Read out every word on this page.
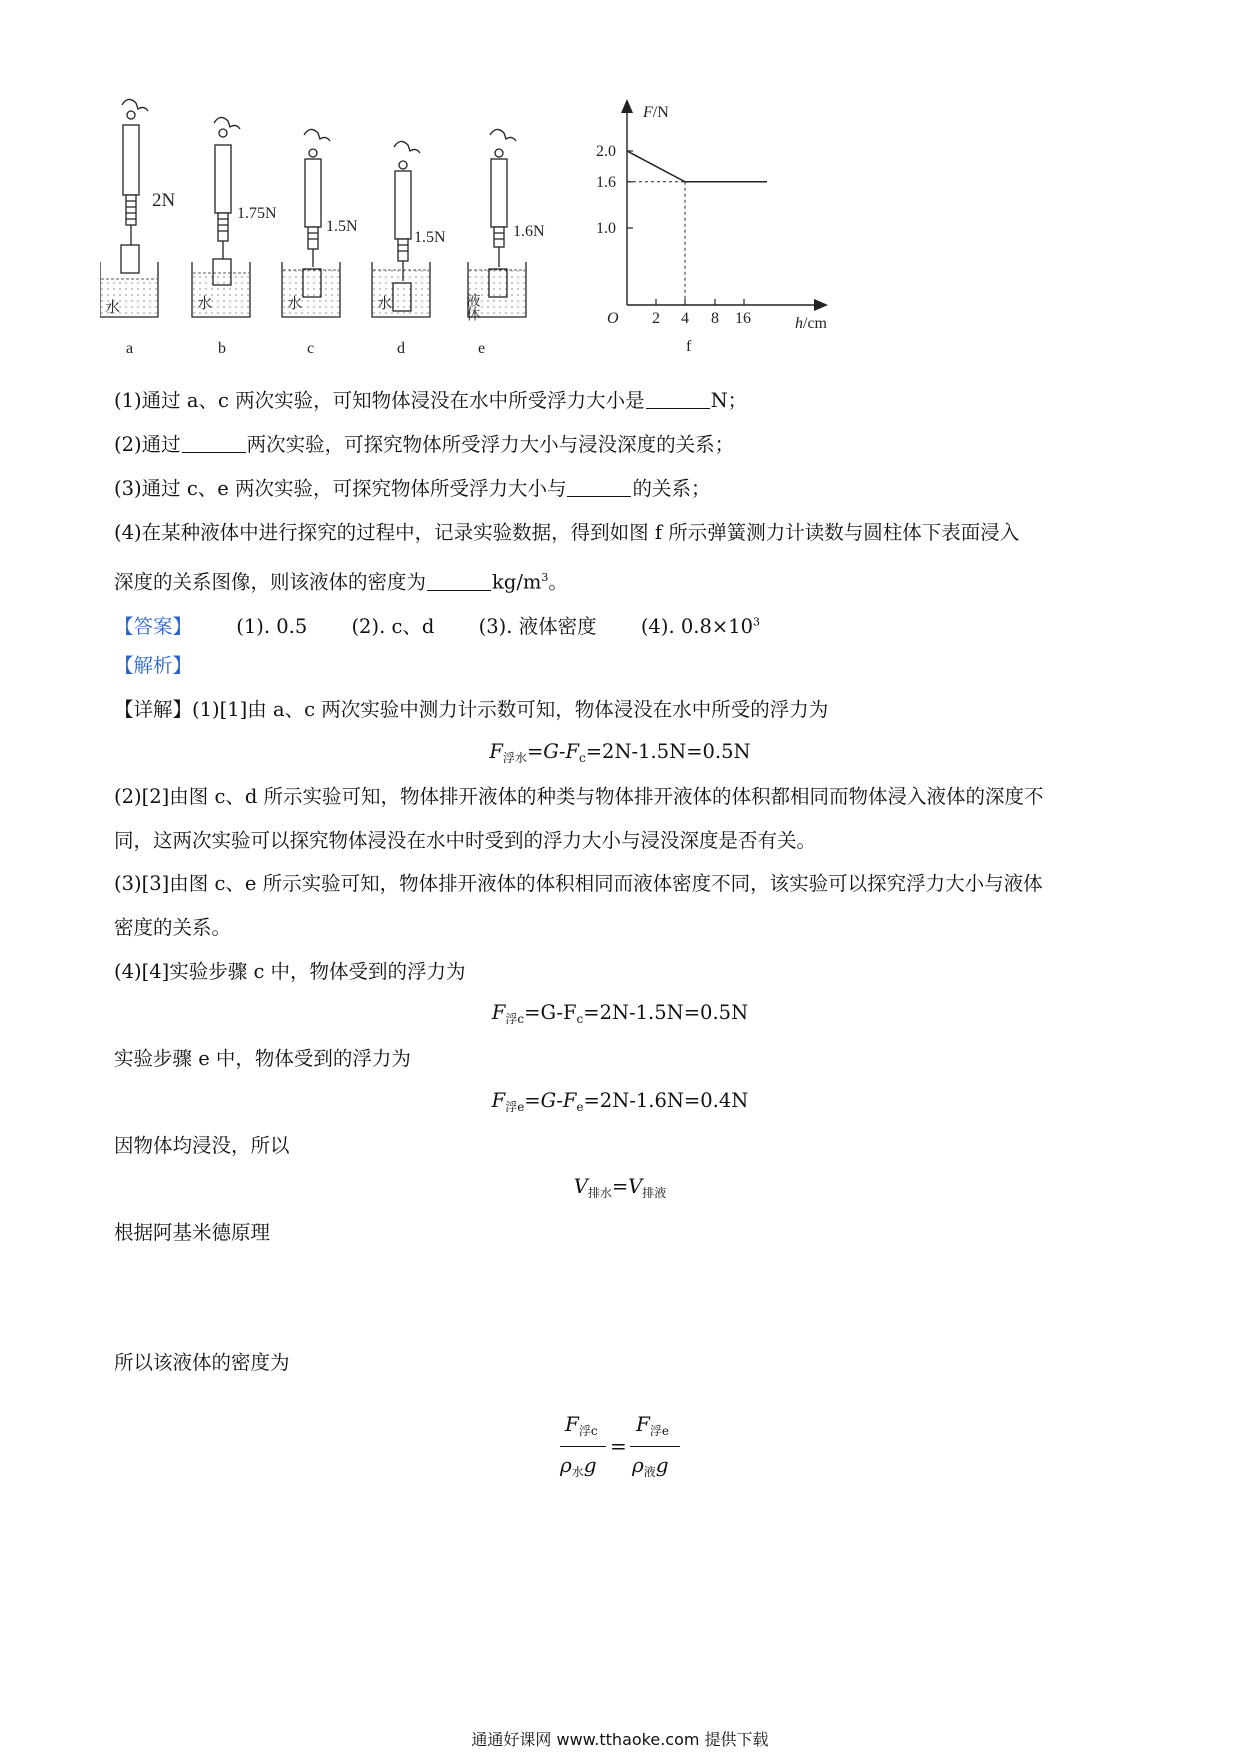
2N
1.75N
1.5N
1.5N	1.6N
水	水	水	水	液体
a	b	c	d	e
F/N
h/cm
O
f
2 4 8 16
2.0
1.6
1.0
(1)通过 a、c 两次实验，可知物体浸没在水中所受浮力大小是	N；
(2)通过	两次实验，可探究物体所受浮力大小与浸没深度的关系；
(3)通过 c、e 两次实验，可探究物体所受浮力大小与	的关系；
(4)在某种液体中进行探究的过程中，记录实验数据，得到如图 f 所示弹簧测力计读数与圆柱体下表面浸入
深度的关系图像，则该液体的密度为	$kg/m^3$。
【答案】 (1). 0.5 (2). c、d (3). 液体密度 (4). $0.8\times 10^3$
【解析】
【详解】(1)[1]由 a、c 两次实验中测力计示数可知，物体浸没在水中所受的浮力为
$F_{浮水}=G-F_c=2N-1.5N=0.5N$
(2)[2]由图 c、d 所示实验可知，物体排开液体的种类与物体排开液体的体积都相同而物体浸入液体的深度不
同，这两次实验可以探究物体浸没在水中时受到的浮力大小与浸没深度是否有关。
(3)[3]由图 c、e 所示实验可知，物体排开液体的体积相同而液体密度不同，该实验可以探究浮力大小与液体
密度的关系。
(4)[4]实验步骤 c 中，物体受到的浮力为
$F_{浮c}=G-F_c=2N-1.5N=0.5N$
实验步骤 e 中，物体受到的浮力为
$F_{浮e}=G-F_e=2N-1.6N=0.4N$
因物体均浸没，所以
$V_{排水}=V_{排液}$
根据阿基米德原理
$F_{浮c}$
$\rho_水g$
=
$F_{浮e}$
$\rho_液g$
所以该液体的密度为
通通好课网 www.tthaoke.com 提供下载
